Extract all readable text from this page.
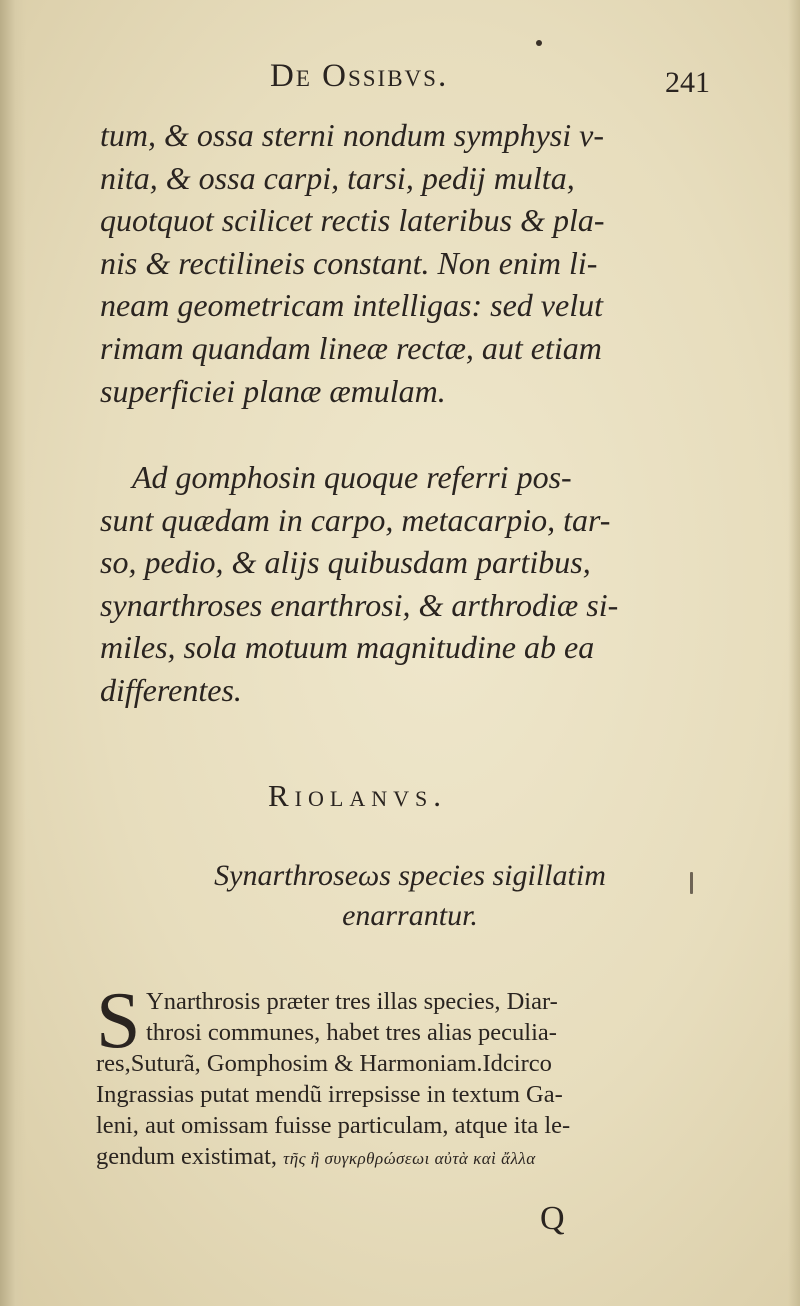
De Ossibvs.	241
tum, & ossa sterni nondum symphysi v-
nita, & ossa carpi, tarsi, pedij multa,
quotquot scilicet rectis lateribus & pla-
nis & rectilineis constant. Non enim li-
neam geometricam intelligas: sed velut
rimam quandam lineæ rectæ, aut etiam
superficiei planæ æmulam.
Ad gomphosin quoque referri pos-
sunt quædam in carpo, metacarpio, tar-
so, pedio, & alijs quibusdam partibus,
synarthroses enarthrosi, & arthrodiæ si-
miles, sola motuum magnitudine ab ea
differentes.
Riolanvs.
Synarthroseωs species sigillatim
enarrantur.
S Ynarthrosis præter tres illas species, Diar-
throsi communes, habet tres alias peculia-
res,Suturã, Gomphosim & Harmoniam.Idcirco
Ingrassias putat mendũ irrepsisse in textum Ga-
leni, aut omissam fuisse particulam, atque ita le-
gendum existimat, τῆς ἢ συγκρθρώσεωι αὐτὰ καὶ ἄλλα
Q
